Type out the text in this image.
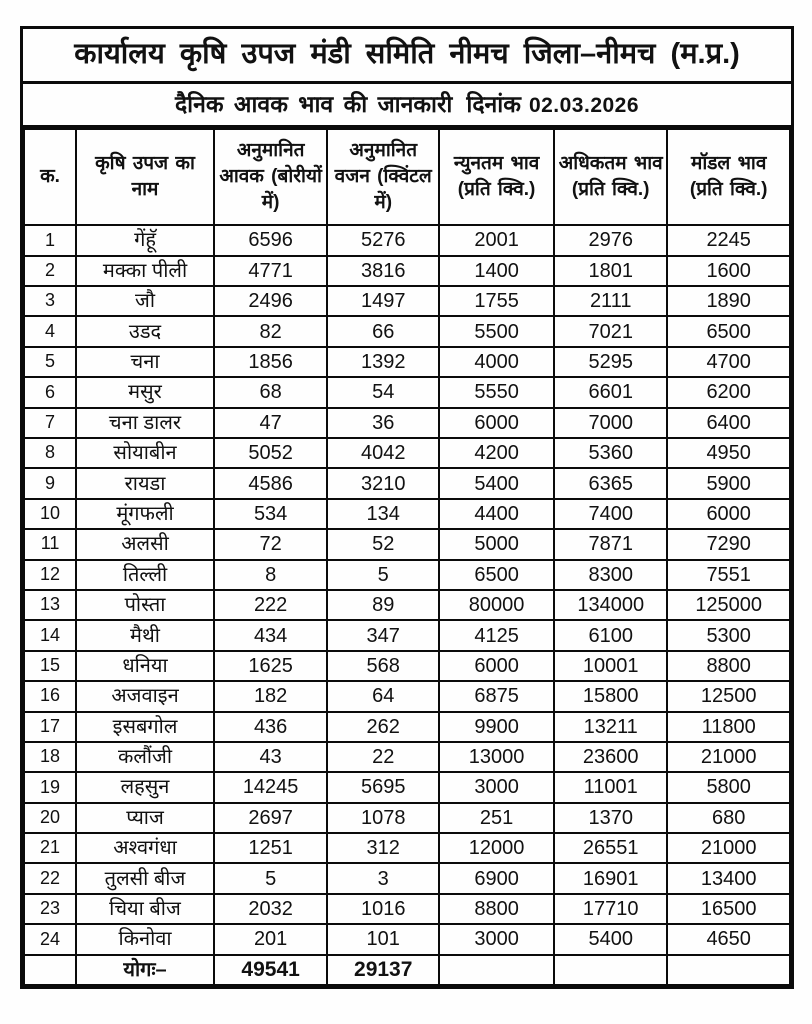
कार्यालय कृषि उपज मंडी समिति नीमच जिला–नीमच (म.प्र.)
दैनिक आवक भाव की जानकारी दिनांक 02.03.2026
क.	कृषि उपज का नाम	अनुमानित आवक (बोरीयों में)	अनुमानित वजन (क्विंटल में)	न्युनतम भाव (प्रति क्वि.)	अधिकतम भाव (प्रति क्वि.)	मॉडल भाव (प्रति क्वि.)
1	गेंहूॅ	6596	5276	2001	2976	2245
2	मक्का पीली	4771	3816	1400	1801	1600
3	जौ	2496	1497	1755	2111	1890
4	उडद	82	66	5500	7021	6500
5	चना	1856	1392	4000	5295	4700
6	मसुर	68	54	5550	6601	6200
7	चना डालर	47	36	6000	7000	6400
8	सोयाबीन	5052	4042	4200	5360	4950
9	रायडा	4586	3210	5400	6365	5900
10	मूंगफली	534	134	4400	7400	6000
11	अलसी	72	52	5000	7871	7290
12	तिल्ली	8	5	6500	8300	7551
13	पोस्ता	222	89	80000	134000	125000
14	मैथी	434	347	4125	6100	5300
15	धनिया	1625	568	6000	10001	8800
16	अजवाइन	182	64	6875	15800	12500
17	इसबगोल	436	262	9900	13211	11800
18	कलौंजी	43	22	13000	23600	21000
19	लहसुन	14245	5695	3000	11001	5800
20	प्याज	2697	1078	251	1370	680
21	अश्वगंधा	1251	312	12000	26551	21000
22	तुलसी बीज	5	3	6900	16901	13400
23	चिया बीज	2032	1016	8800	17710	16500
24	किनोवा	201	101	3000	5400	4650
	योगः–	49541	29137			
